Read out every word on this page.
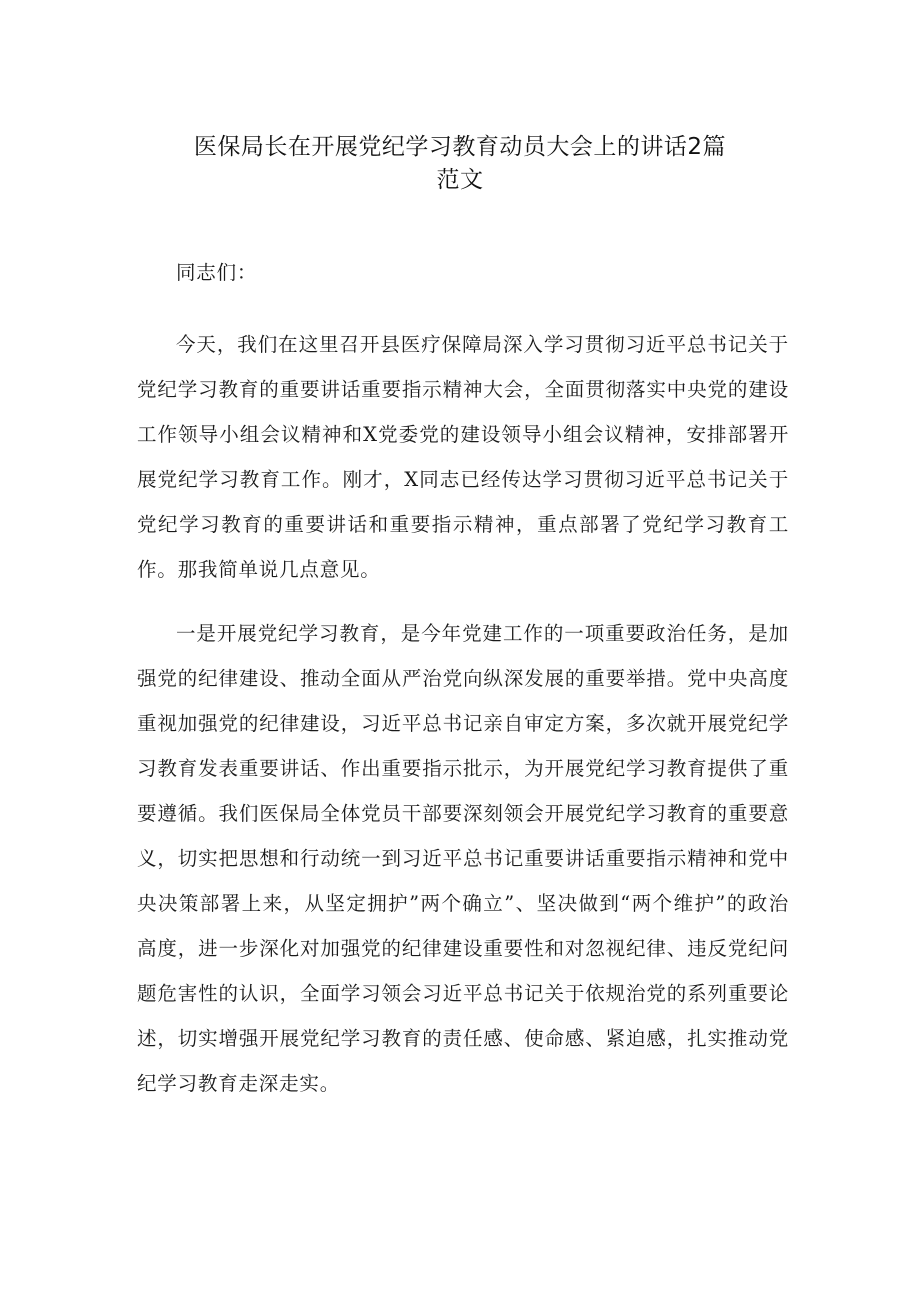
医保局长在开展党纪学习教育动员大会上的讲话2篇
范文
同志们：

今天，我们在这里召开县医疗保障局深入学习贯彻习近平总书记关于党纪学习教育的重要讲话重要指示精神大会，全面贯彻落实中央党的建设工作领导小组会议精神和X党委党的建设领导小组会议精神，安排部署开展党纪学习教育工作。刚才，X同志已经传达学习贯彻习近平总书记关于党纪学习教育的重要讲话和重要指示精神，重点部署了党纪学习教育工作。那我简单说几点意见。

一是开展党纪学习教育，是今年党建工作的一项重要政治任务，是加强党的纪律建设、推动全面从严治党向纵深发展的重要举措。党中央高度重视加强党的纪律建设，习近平总书记亲自审定方案，多次就开展党纪学习教育发表重要讲话、作出重要指示批示，为开展党纪学习教育提供了重要遵循。我们医保局全体党员干部要深刻领会开展党纪学习教育的重要意义，切实把思想和行动统一到习近平总书记重要讲话重要指示精神和党中央决策部署上来，从坚定拥护”两个确立”、坚决做到“两个维护”的政治高度，进一步深化对加强党的纪律建设重要性和对忽视纪律、违反党纪问题危害性的认识，全面学习领会习近平总书记关于依规治党的系列重要论述，切实增强开展党纪学习教育的责任感、使命感、紧迫感，扎实推动党纪学习教育走深走实。
